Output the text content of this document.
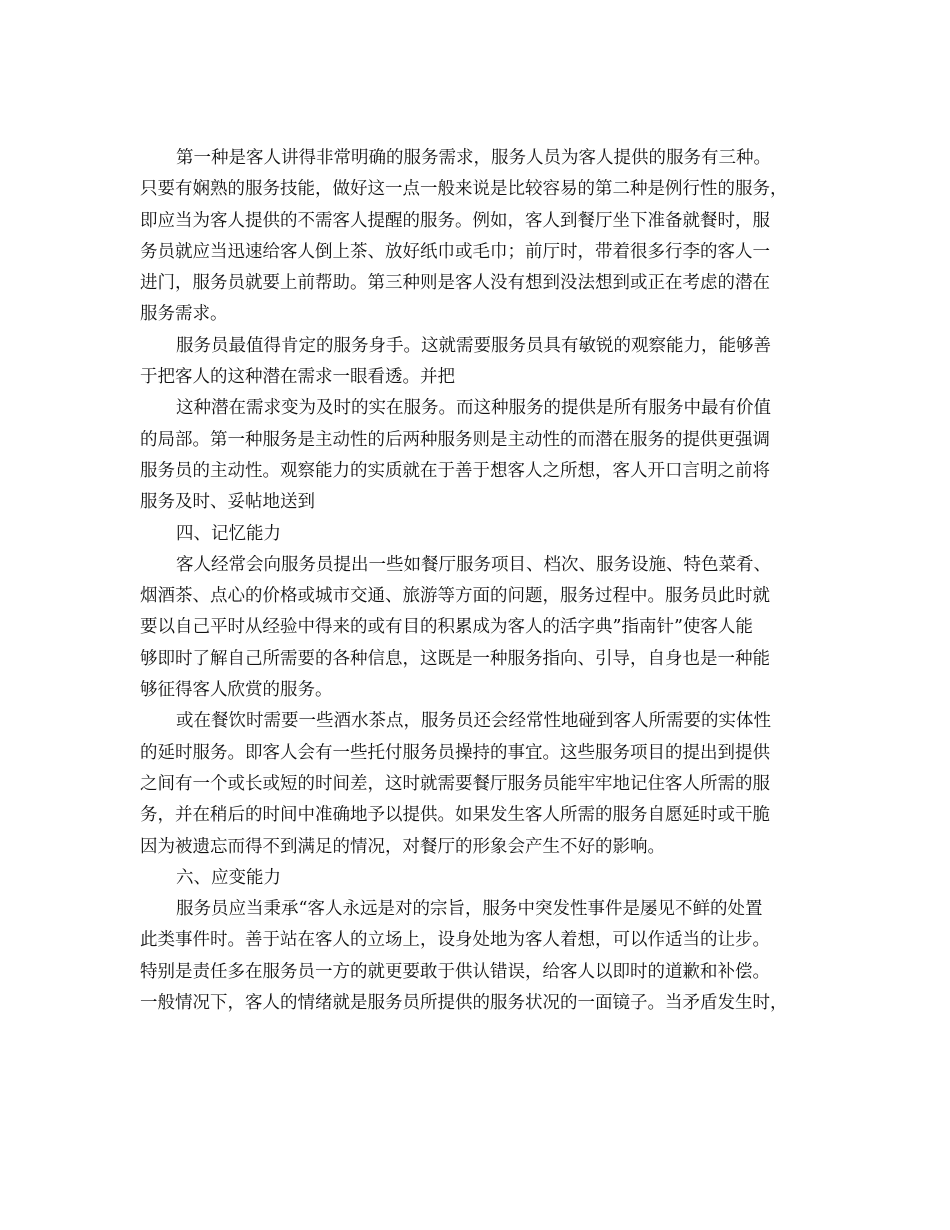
第一种是客人讲得非常明确的服务需求，服务人员为客人提供的服务有三种。
只要有娴熟的服务技能，做好这一点一般来说是比较容易的第二种是例行性的服务，
即应当为客人提供的不需客人提醒的服务。例如，客人到餐厅坐下准备就餐时，服
务员就应当迅速给客人倒上茶、放好纸巾或毛巾；前厅时，带着很多行李的客人一
进门，服务员就要上前帮助。第三种则是客人没有想到没法想到或正在考虑的潜在
服务需求。
服务员最值得肯定的服务身手。这就需要服务员具有敏锐的观察能力，能够善
于把客人的这种潜在需求一眼看透。并把
这种潜在需求变为及时的实在服务。而这种服务的提供是所有服务中最有价值
的局部。第一种服务是主动性的后两种服务则是主动性的而潜在服务的提供更强调
服务员的主动性。观察能力的实质就在于善于想客人之所想，客人开口言明之前将
服务及时、妥帖地送到
四、记忆能力
客人经常会向服务员提出一些如餐厅服务项目、档次、服务设施、特色菜肴、
烟酒茶、点心的价格或城市交通、旅游等方面的问题，服务过程中。服务员此时就
要以自己平时从经验中得来的或有目的积累成为客人的活字典”指南针”使客人能
够即时了解自己所需要的各种信息，这既是一种服务指向、引导，自身也是一种能
够征得客人欣赏的服务。
或在餐饮时需要一些酒水茶点，服务员还会经常性地碰到客人所需要的实体性
的延时服务。即客人会有一些托付服务员操持的事宜。这些服务项目的提出到提供
之间有一个或长或短的时间差，这时就需要餐厅服务员能牢牢地记住客人所需的服
务，并在稍后的时间中准确地予以提供。如果发生客人所需的服务自愿延时或干脆
因为被遗忘而得不到满足的情况，对餐厅的形象会产生不好的影响。
六、应变能力
服务员应当秉承“客人永远是对的宗旨，服务中突发性事件是屡见不鲜的处置
此类事件时。善于站在客人的立场上，设身处地为客人着想，可以作适当的让步。
特别是责任多在服务员一方的就更要敢于供认错误，给客人以即时的道歉和补偿。
一般情况下，客人的情绪就是服务员所提供的服务状况的一面镜子。当矛盾发生时，
